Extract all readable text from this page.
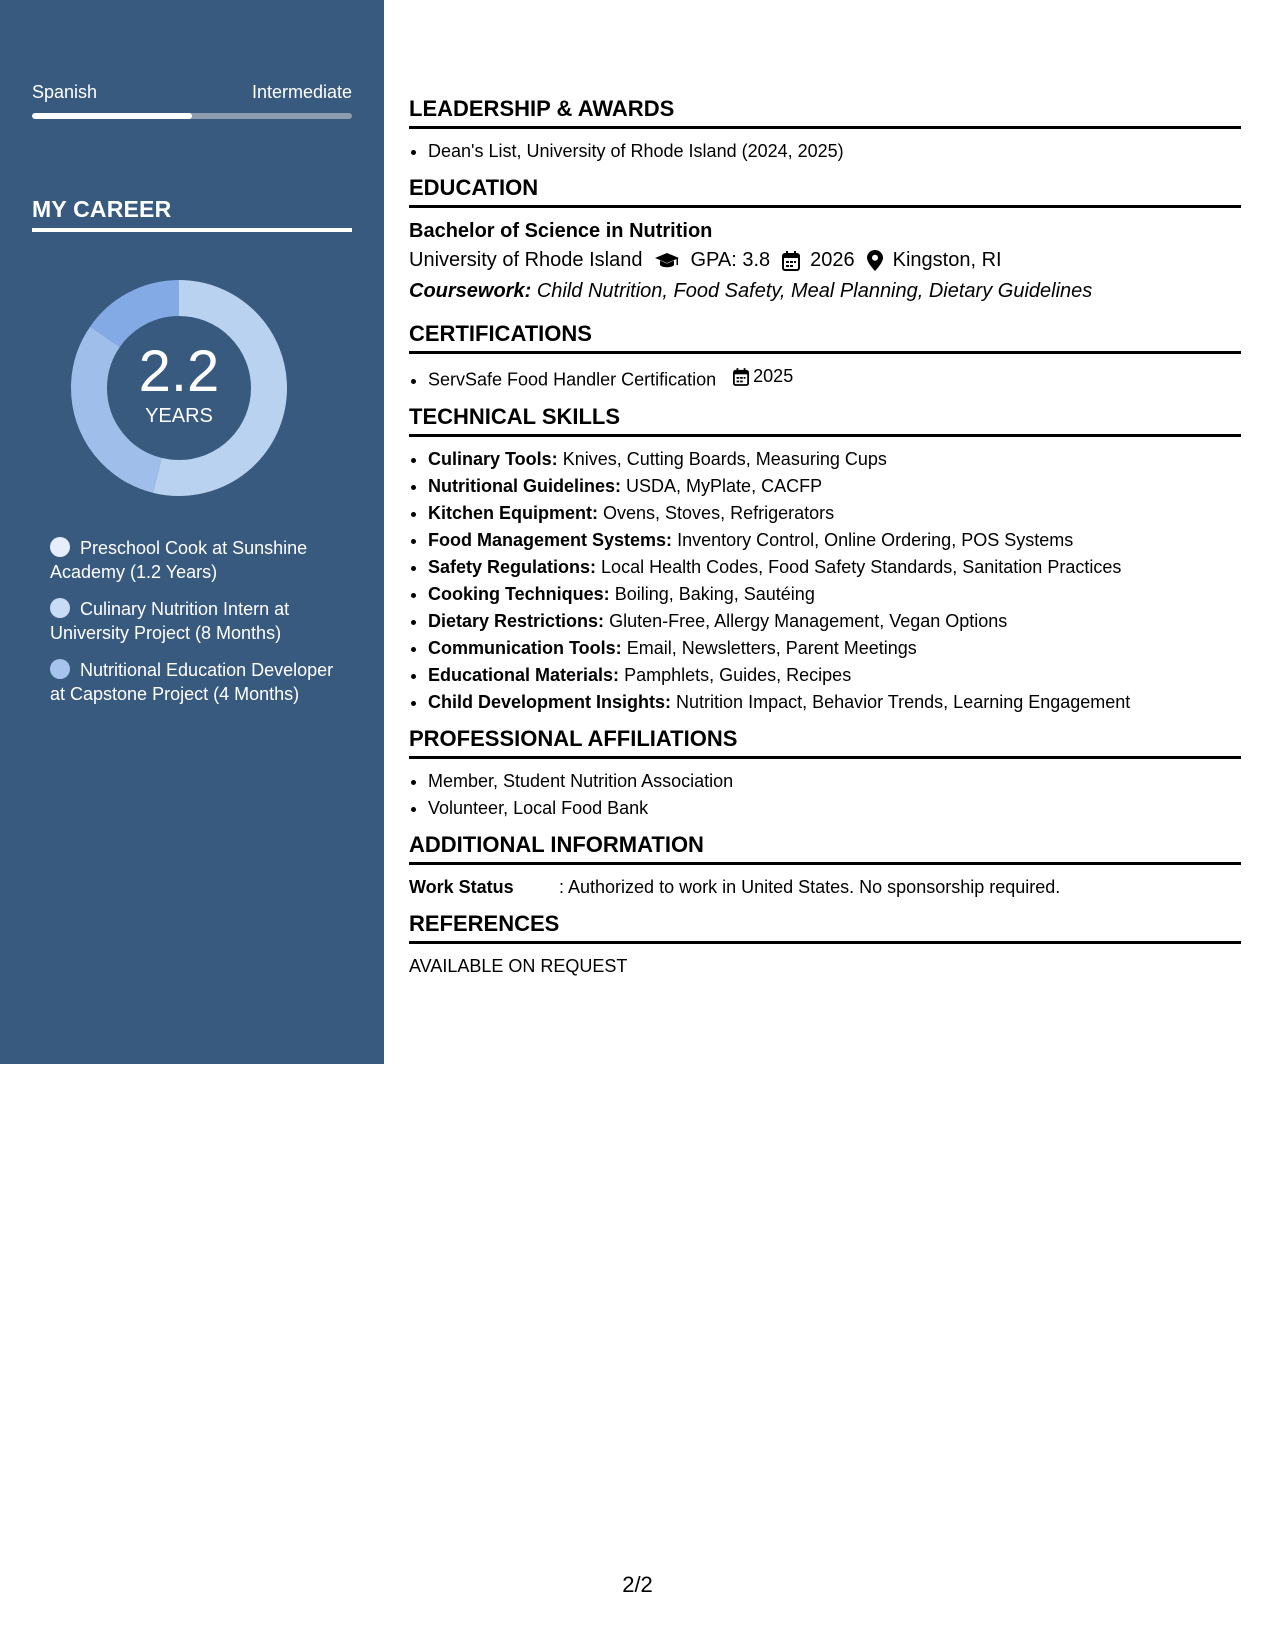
Spanish	Intermediate
MY CAREER
2.2
YEARS
Preschool Cook at Sunshine Academy (1.2 Years)
Culinary Nutrition Intern at University Project (8 Months)
Nutritional Education Developer at Capstone Project (4 Months)
LEADERSHIP & AWARDS
• Dean's List, University of Rhode Island (2024, 2025)
EDUCATION
Bachelor of Science in Nutrition
University of Rhode Island GPA: 3.8 2026 Kingston, RI
Coursework: Child Nutrition, Food Safety, Meal Planning, Dietary Guidelines
CERTIFICATIONS
• ServSafe Food Handler Certification 2025
TECHNICAL SKILLS
• Culinary Tools: Knives, Cutting Boards, Measuring Cups
• Nutritional Guidelines: USDA, MyPlate, CACFP
• Kitchen Equipment: Ovens, Stoves, Refrigerators
• Food Management Systems: Inventory Control, Online Ordering, POS Systems
• Safety Regulations: Local Health Codes, Food Safety Standards, Sanitation Practices
• Cooking Techniques: Boiling, Baking, Sautéing
• Dietary Restrictions: Gluten-Free, Allergy Management, Vegan Options
• Communication Tools: Email, Newsletters, Parent Meetings
• Educational Materials: Pamphlets, Guides, Recipes
• Child Development Insights: Nutrition Impact, Behavior Trends, Learning Engagement
PROFESSIONAL AFFILIATIONS
• Member, Student Nutrition Association
• Volunteer, Local Food Bank
ADDITIONAL INFORMATION
Work Status	: Authorized to work in United States. No sponsorship required.
REFERENCES
AVAILABLE ON REQUEST
2/2
